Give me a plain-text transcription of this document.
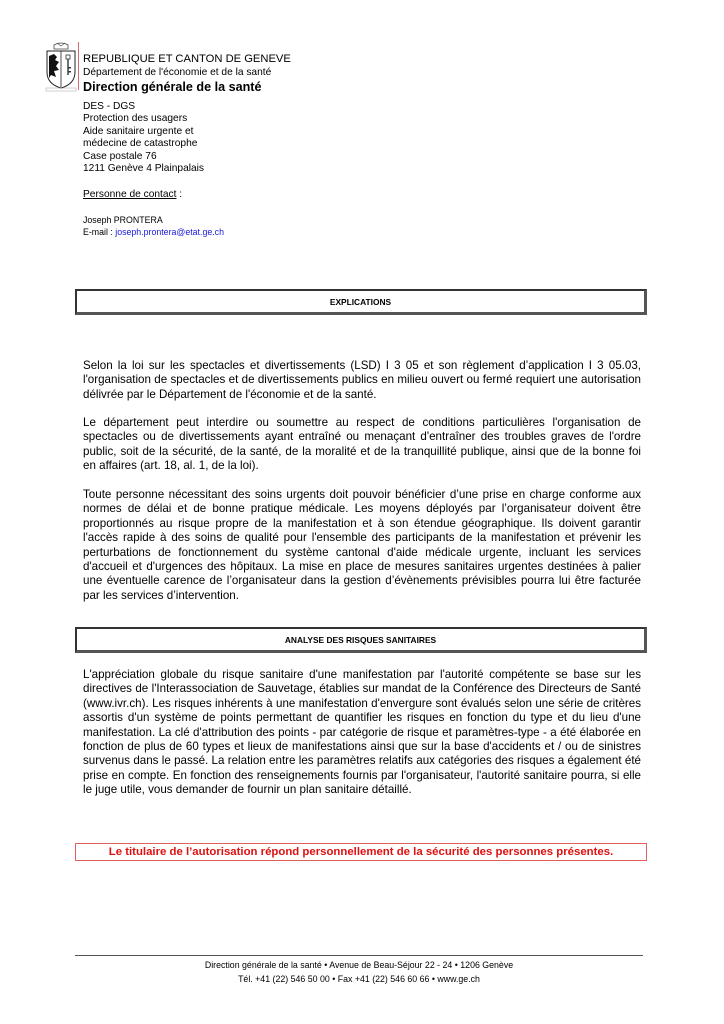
REPUBLIQUE ET CANTON DE GENEVE
Département de l'économie et de la santé
Direction générale de la santé
DES - DGS
Protection des usagers
Aide sanitaire urgente et
médecine de catastrophe
Case postale 76
1211 Genève 4 Plainpalais
Personne de contact :
Joseph PRONTERA
E-mail : joseph.prontera@etat.ge.ch
EXPLICATIONS

Selon la loi sur les spectacles et divertissements (LSD) I 3 05 et son règlement d’application I 3 05.03, l'organisation de spectacles et de divertissements publics en milieu ouvert ou fermé requiert une autorisation délivrée par le Département de l'économie et de la santé.

Le département peut interdire ou soumettre au respect de conditions particulières l'organisation de spectacles ou de divertissements ayant entraîné ou menaçant d'entraîner des troubles graves de l'ordre public, soit de la sécurité, de la santé, de la moralité et de la tranquillité publique, ainsi que de la bonne foi en affaires (art. 18, al. 1, de la loi).

Toute personne nécessitant des soins urgents doit pouvoir bénéficier d’une prise en charge conforme aux normes de délai et de bonne pratique médicale. Les moyens déployés par l’organisateur doivent être proportionnés au risque propre de la manifestation et à son étendue géographique. Ils doivent garantir l'accès rapide à des soins de qualité pour l'ensemble des participants de la manifestation et prévenir les perturbations de fonctionnement du système cantonal d'aide médicale urgente, incluant les services d'accueil et d'urgences des hôpitaux. La mise en place de mesures sanitaires urgentes destinées à palier une éventuelle carence de l’organisateur dans la gestion d’évènements prévisibles pourra lui être facturée par les services d’intervention.

ANALYSE DES RISQUES SANITAIRES

L'appréciation globale du risque sanitaire d'une manifestation par l'autorité compétente se base sur les directives de l'Interassociation de Sauvetage, établies sur mandat de la Conférence des Directeurs de Santé (www.ivr.ch). Les risques inhérents à une manifestation d'envergure sont évalués selon une série de critères assortis d'un système de points permettant de quantifier les risques en fonction du type et du lieu d'une manifestation. La clé d'attribution des points - par catégorie de risque et paramètres-type - a été élaborée en fonction de plus de 60 types et lieux de manifestations ainsi que sur la base d'accidents et / ou de sinistres survenus dans le passé. La relation entre les paramètres relatifs aux catégories des risques a également été prise en compte. En fonction des renseignements fournis par l'organisateur, l'autorité sanitaire pourra, si elle le juge utile, vous demander de fournir un plan sanitaire détaillé.

Le titulaire de l’autorisation répond personnellement de la sécurité des personnes présentes.
Direction générale de la santé • Avenue de Beau-Séjour 22 - 24 • 1206 Genève
Tél. +41 (22) 546 50 00 • Fax +41 (22) 546 60 66 • www.ge.ch
